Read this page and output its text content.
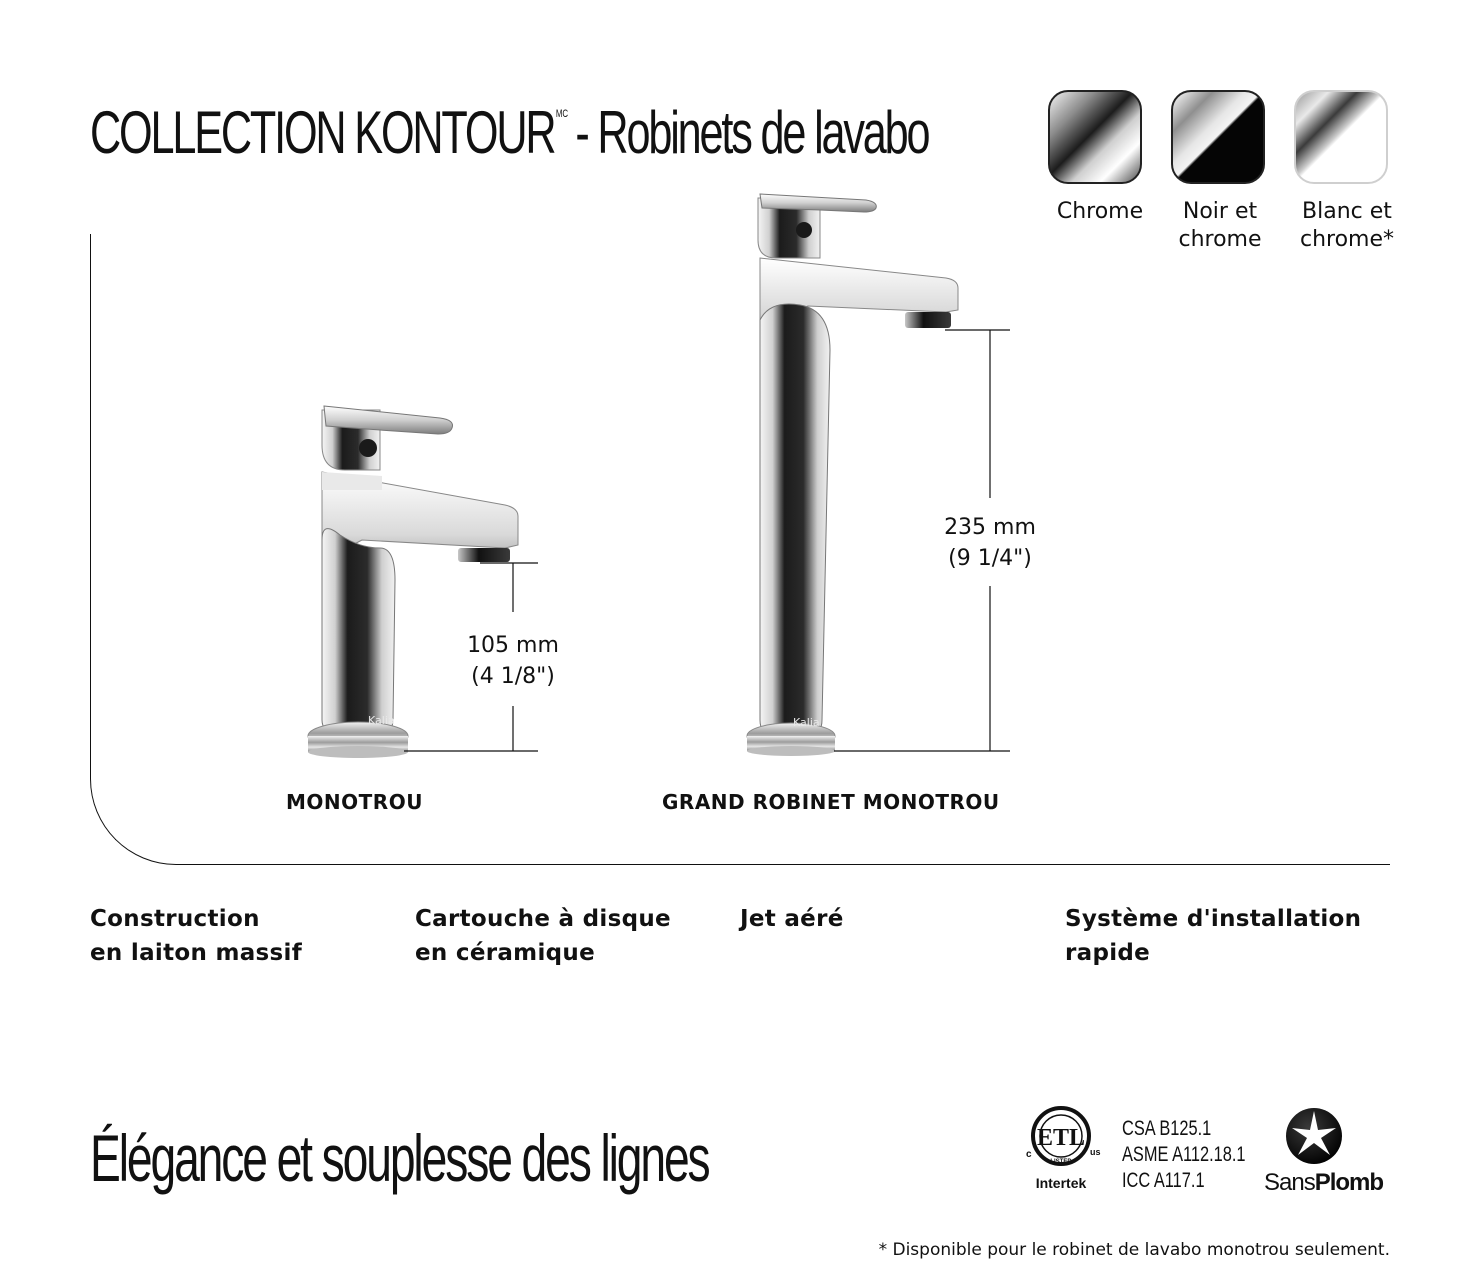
COLLECTION $KONTOUR^{MC}$ - Robinets de lavabo
Chrome	Noir et
chrome
Blanc et
chrome*
Kalia	Kalia
ETL
LISTED
c	us
Intertek	SansPlomb
105 mm
(4 1/8")
235 mm
(9 1/4")
MONOTROU	GRAND ROBINET MONOTROU
Construction
en laiton massif
Cartouche à disque
en céramique
Jet aéré	Système d'installation
rapide
Élégance et souplesse des lignes	CSA B125.1
ASME A112.18.1
ICC A117.1
* Disponible pour le robinet de lavabo monotrou seulement.
